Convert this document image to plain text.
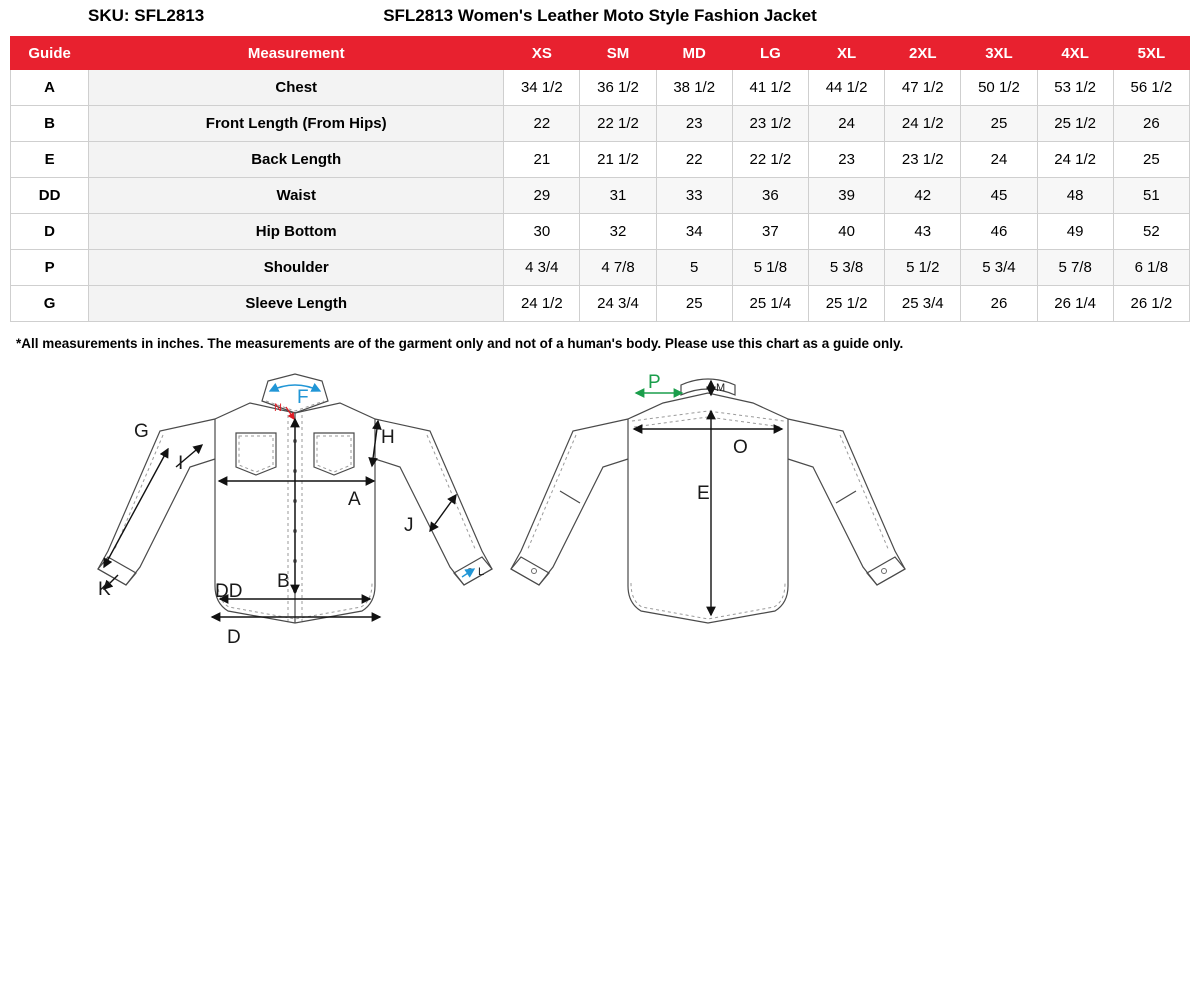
SKU: SFL2813	SFL2813 Women's Leather Moto Style Fashion Jacket
Guide	Measurement	XS	SM	MD	LG	XL	2XL	3XL	4XL	5XL
A	Chest	34 1/2	36 1/2	38 1/2	41 1/2	44 1/2	47 1/2	50 1/2	53 1/2	56 1/2
B	Front Length (From Hips)	22	22 1/2	23	23 1/2	24	24 1/2	25	25 1/2	26
E	Back Length	21	21 1/2	22	22 1/2	23	23 1/2	24	24 1/2	25
DD	Waist	29	31	33	36	39	42	45	48	51
D	Hip Bottom	30	32	34	37	40	43	46	49	52
P	Shoulder	4 3/4	4 7/8	5	5 1/8	5 3/8	5 1/2	5 3/4	5 7/8	6 1/8
G	Sleeve Length	24 1/2	24 3/4	25	25 1/4	25 1/2	25 3/4	26	26 1/4	26 1/2
*All measurements in inches. The measurements are of the garment only and not of a human's body. Please use this chart as a guide only.
F
N
A
H
G
I
J
K
L
B
DD
D
P	M
O
E
